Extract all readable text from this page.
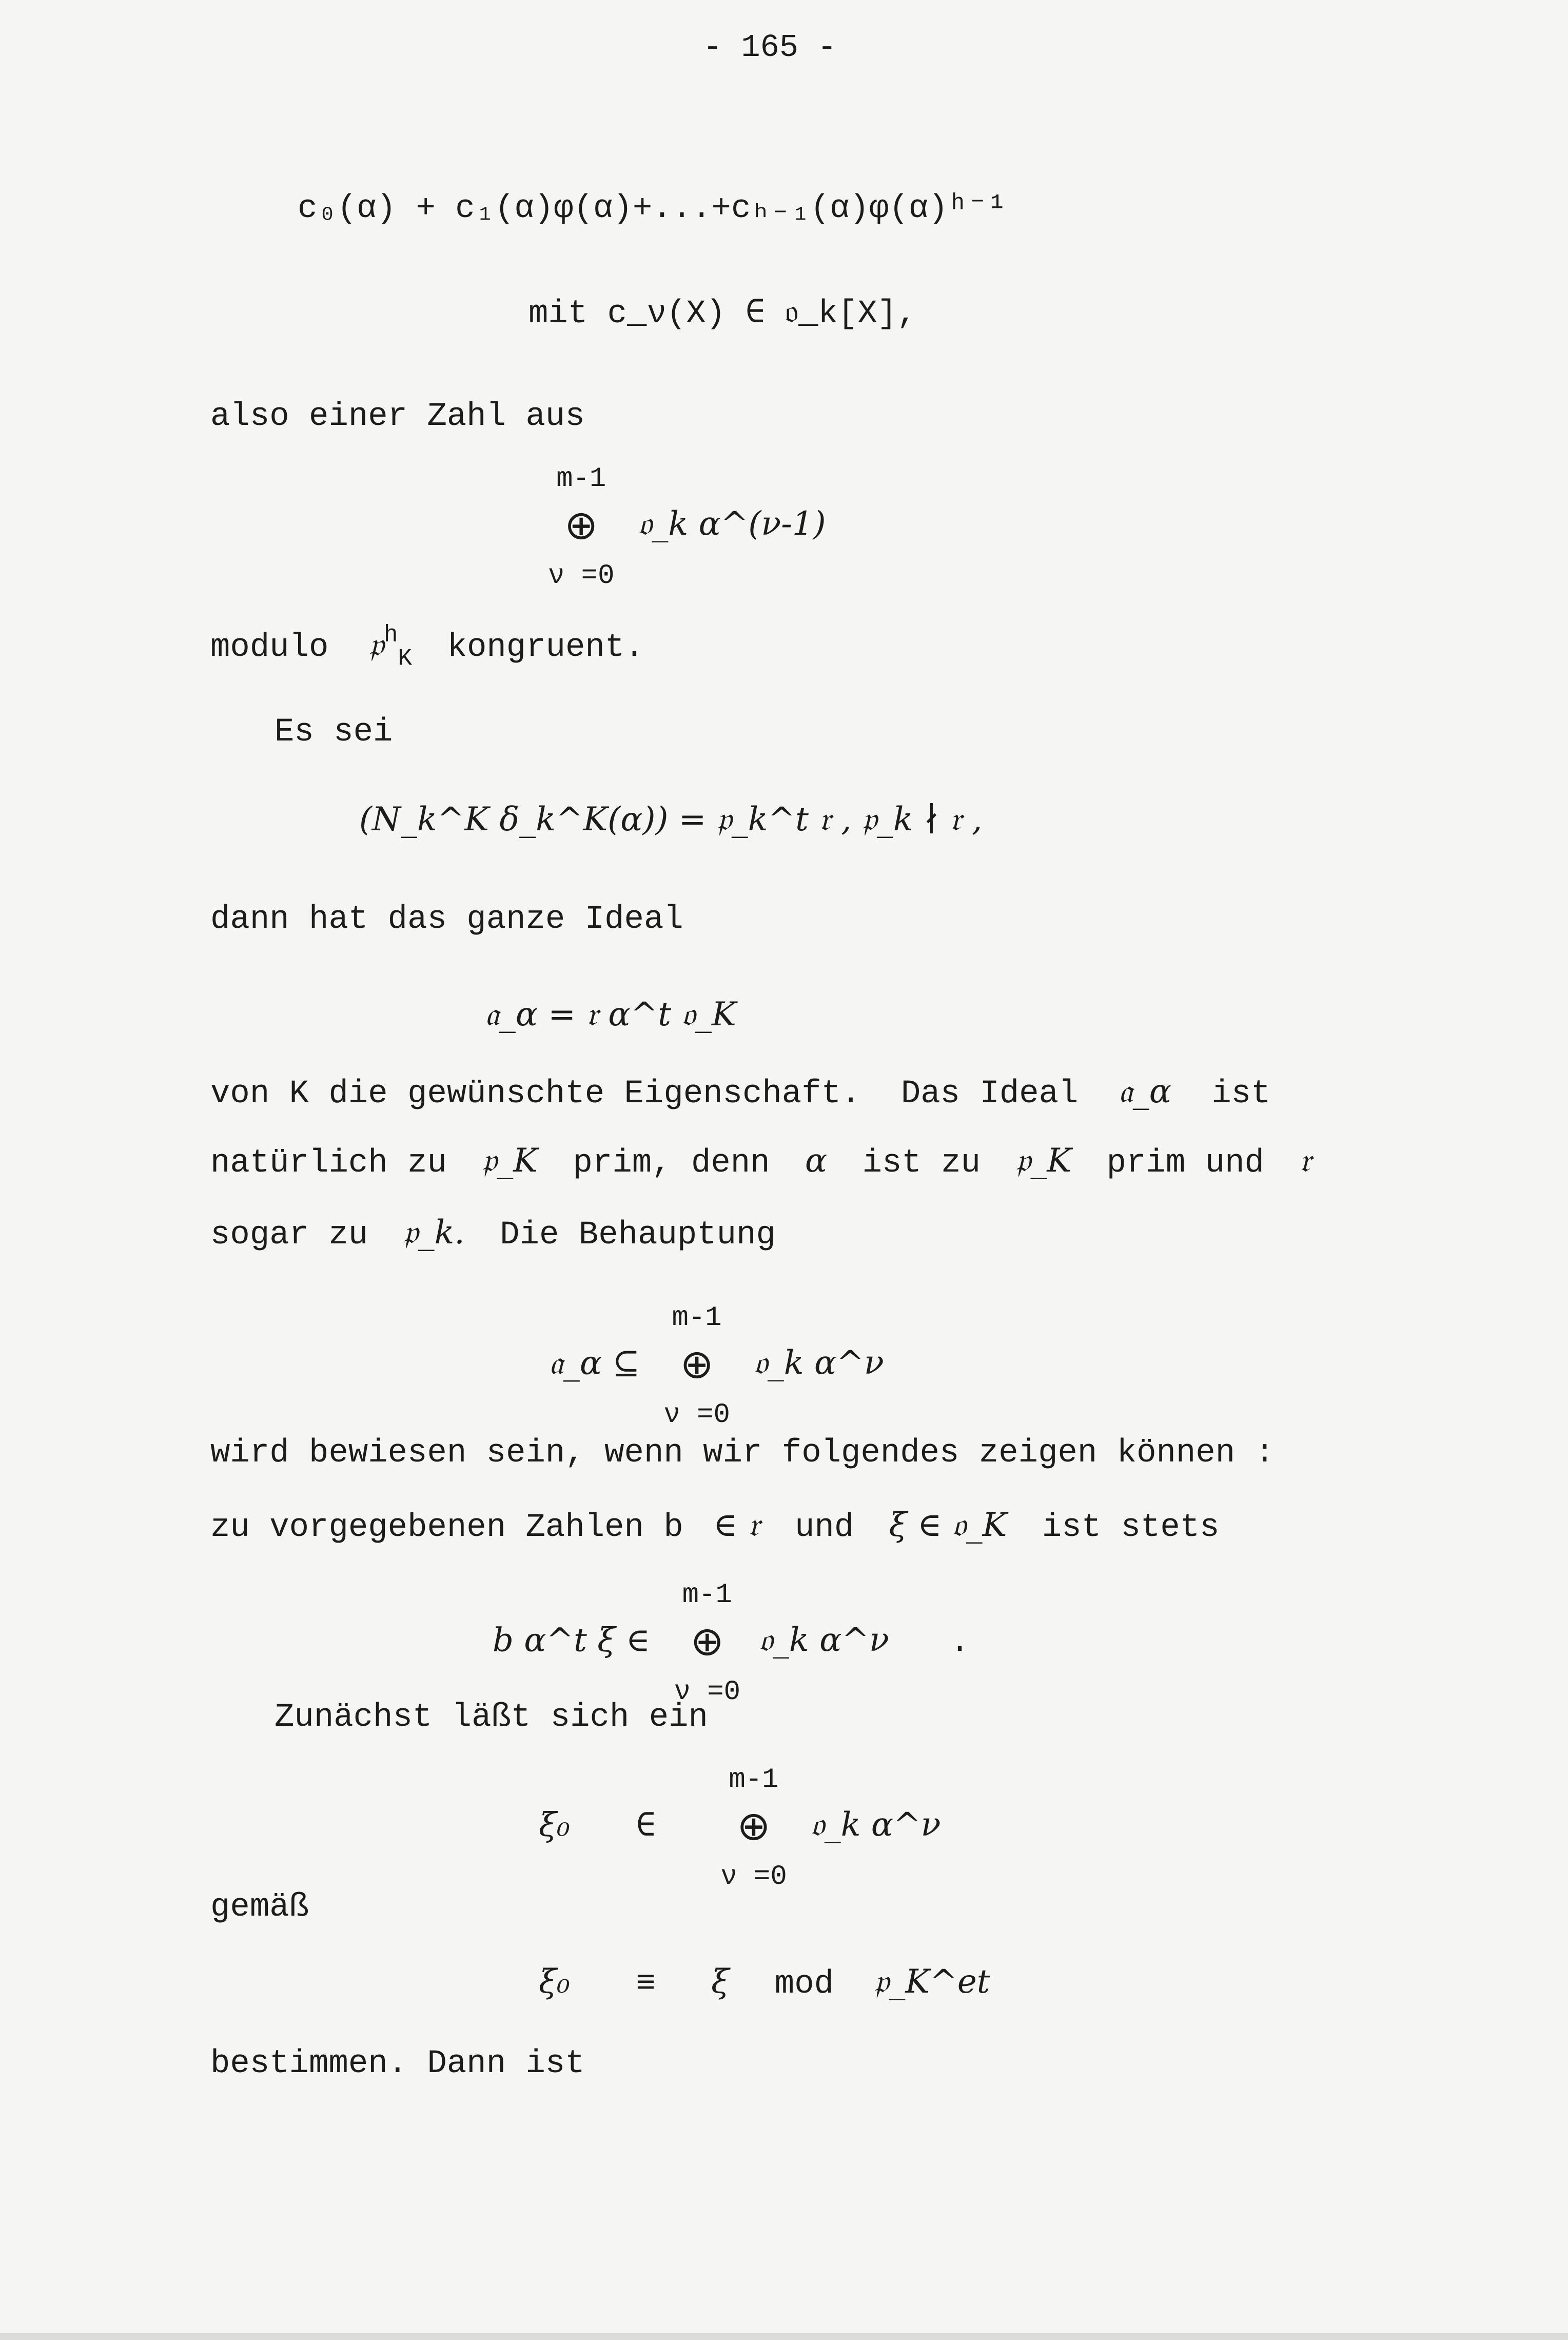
- 165 -
c₀(α) + c₁(α)φ(α)+...+cₕ₋₁(α)φ(α)ʰ⁻¹
mit c_ν(X) ∈ 𝔬_k[X],
also einer Zahl aus
m-1
⊕
ν =0
𝔬_k α^(ν-1)
modulo 𝔭$^h_K$ kongruent.
Es sei
(N_k^K δ_k^K(α)) = 𝔭_k^t 𝔯 , 𝔭_k ∤ 𝔯 ,
dann hat das ganze Ideal
𝔞_α = 𝔯 α^t 𝔬_K
von K die gewünschte Eigenschaft. Das Ideal 𝔞_α ist
natürlich zu 𝔭_K prim, denn α ist zu 𝔭_K prim und 𝔯
sogar zu 𝔭_k. Die Behauptung
𝔞_α ⊆
m-1
⊕
ν =0
𝔬_k α^ν
wird bewiesen sein, wenn wir folgendes zeigen können :
zu vorgegebenen Zahlen b ∈ 𝔯 und ξ ∈ 𝔬_K ist stets
b α^t ξ ∈
m-1
⊕
ν =0
𝔬_k α^ν .
Zunächst läßt sich ein
ξ₀ ∈
m-1
⊕
ν =0
𝔬_k α^ν
gemäß
ξ₀ ≡ ξ mod 𝔭_K^et
bestimmen. Dann ist
